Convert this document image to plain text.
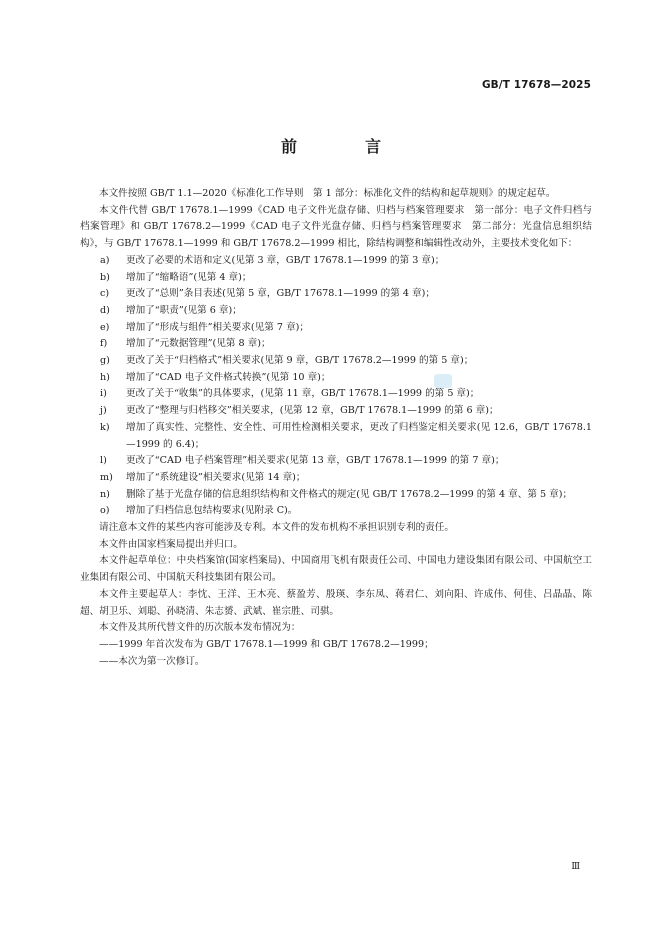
GB/T 17678—2025
前　言

本文件按照 GB/T 1.1—2020《标准化工作导则　第 1 部分：标准化文件的结构和起草规则》的规定起草。

本文件代替 GB/T 17678.1—1999《CAD 电子文件光盘存储、归档与档案管理要求　第一部分：电子文件归档与档案管理》和 GB/T 17678.2—1999《CAD 电子文件光盘存储、归档与档案管理要求　第二部分：光盘信息组织结构》，与 GB/T 17678.1—1999 和 GB/T 17678.2—1999 相比，除结构调整和编辑性改动外，主要技术变化如下：

a) 更改了必要的术语和定义(见第 3 章，GB/T 17678.1—1999 的第 3 章)；
b) 增加了“缩略语”(见第 4 章)；
c) 更改了“总则”条目表述(见第 5 章，GB/T 17678.1—1999 的第 4 章)；
d) 增加了“职责”(见第 6 章)；
e) 增加了“形成与组件”相关要求(见第 7 章)；
f) 增加了“元数据管理”(见第 8 章)；
g) 更改了关于“归档格式”相关要求(见第 9 章，GB/T 17678.2—1999 的第 5 章)；
h) 增加了“CAD 电子文件格式转换”(见第 10 章)；
i) 更改了关于“收集”的具体要求，(见第 11 章，GB/T 17678.1—1999 的第 5 章)；
j) 更改了“整理与归档移交”相关要求，(见第 12 章，GB/T 17678.1—1999 的第 6 章)；
k) 增加了真实性、完整性、安全性、可用性检测相关要求，更改了归档鉴定相关要求(见 12.6，GB/T 17678.1—1999 的 6.4)；
l) 更改了“CAD 电子档案管理”相关要求(见第 13 章，GB/T 17678.1—1999 的第 7 章)；
m) 增加了“系统建设”相关要求(见第 14 章)；
n) 删除了基于光盘存储的信息组织结构和文件格式的规定(见 GB/T 17678.2—1999 的第 4 章、第 5 章)；
o) 增加了归档信息包结构要求(见附录 C)。

请注意本文件的某些内容可能涉及专利。本文件的发布机构不承担识别专利的责任。

本文件由国家档案局提出并归口。

本文件起草单位：中央档案馆(国家档案局)、中国商用飞机有限责任公司、中国电力建设集团有限公司、中国航空工业集团有限公司、中国航天科技集团有限公司。

本文件主要起草人：李忱、王洋、王木亮、蔡盈芳、殷瑛、李东凤、蒋君仁、刘向阳、许成伟、何佳、吕晶晶、陈超、胡卫乐、刘聪、孙晓清、朱志赟、武斌、崔宗胜、司骐。

本文件及其所代替文件的历次版本发布情况为：

——1999 年首次发布为 GB/T 17678.1—1999 和 GB/T 17678.2—1999；

——本次为第一次修订。

Ⅲ
